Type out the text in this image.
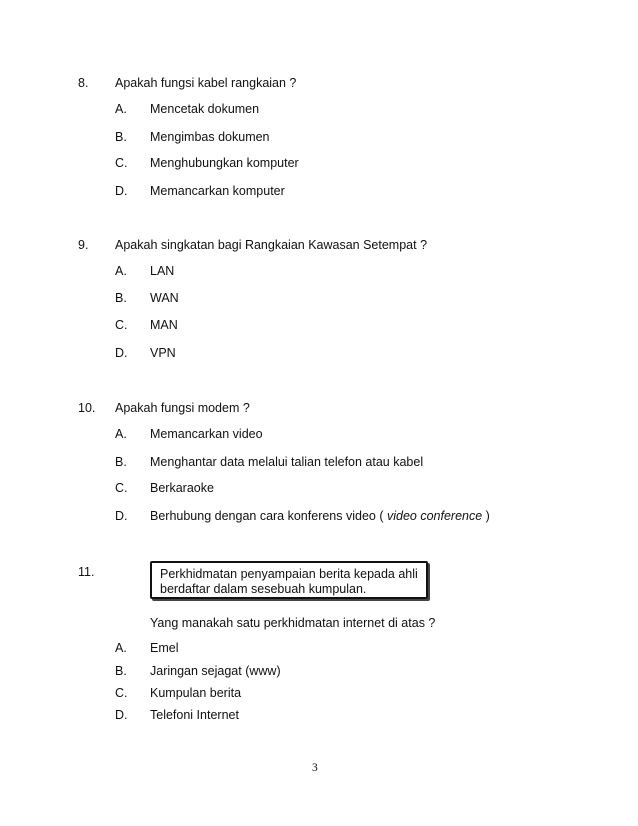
8. Apakah fungsi kabel rangkaian ?
A. Mencetak dokumen
B. Mengimbas dokumen
C. Menghubungkan komputer
D. Memancarkan komputer
9. Apakah singkatan bagi Rangkaian Kawasan Setempat ?
A. LAN
B. WAN
C. MAN
D. VPN
10. Apakah fungsi modem ?
A. Memancarkan video
B. Menghantar data melalui talian telefon atau kabel
C. Berkaraoke
D. Berhubung dengan cara konferens video ( video conference )
11.	Perkhidmatan penyampaian berita kepada ahli
berdaftar dalam sesebuah kumpulan.
Yang manakah satu perkhidmatan internet di atas ?
A. Emel
B. Jaringan sejagat (www)
C. Kumpulan berita
D. Telefoni Internet
3
